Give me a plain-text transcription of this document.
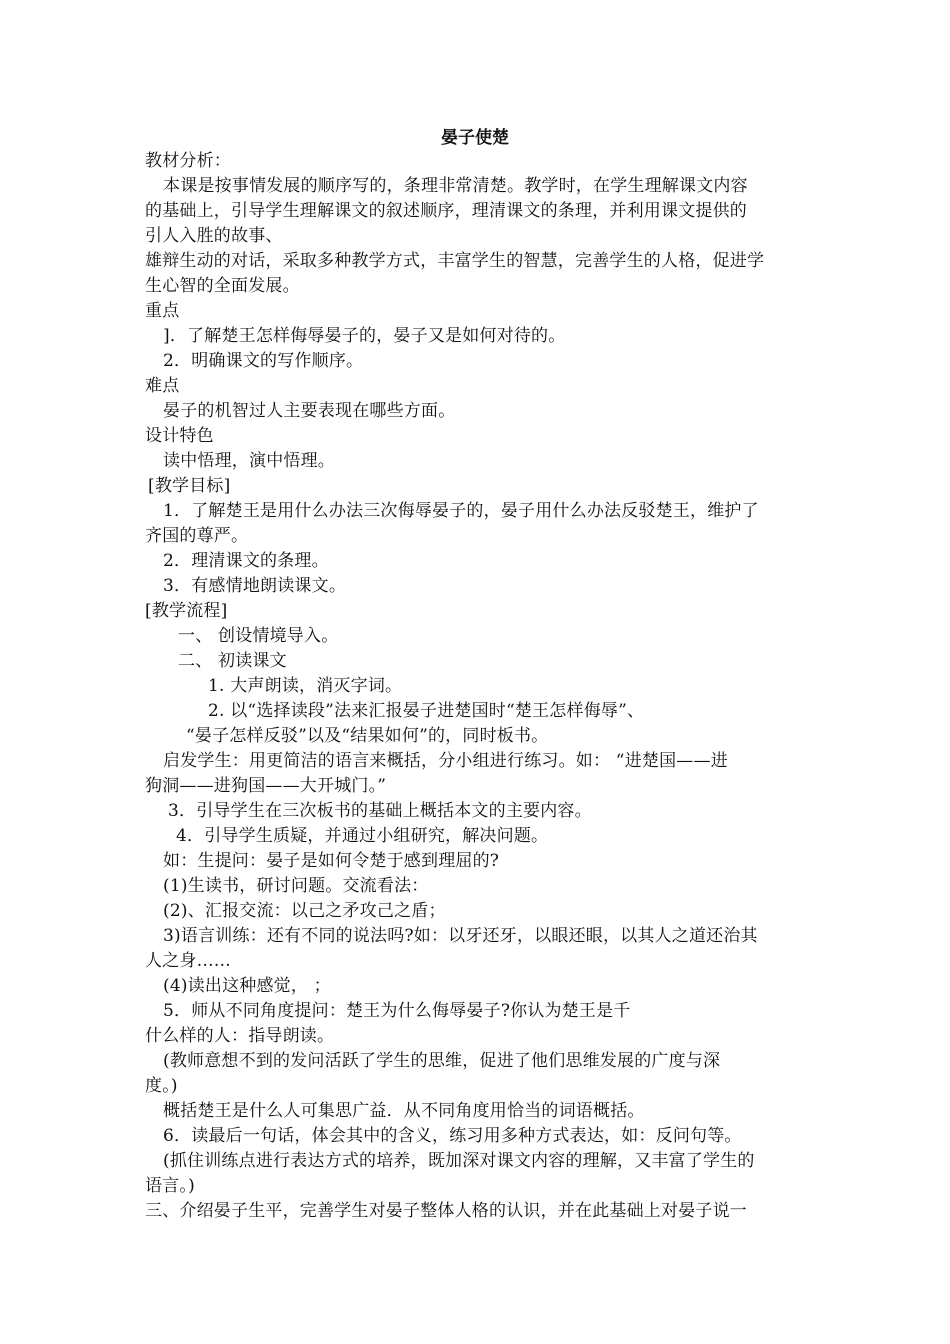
晏子使楚
教材分析：
本课是按事情发展的顺序写的，条理非常清楚。教学时，在学生理解课文内容
的基础上，引导学生理解课文的叙述顺序，理清课文的条理，并利用课文提供的
引人入胜的故事、
雄辩生动的对话，采取多种教学方式，丰富学生的智慧，完善学生的人格，促进学
生心智的全面发展。
重点
]．了解楚王怎样侮辱晏子的，晏子又是如何对待的。
2．明确课文的写作顺序。
难点
晏子的机智过人主要表现在哪些方面。
设计特色
读中悟理，演中悟理。
[教学目标]
1．了解楚王是用什么办法三次侮辱晏子的，晏子用什么办法反驳楚王，维护了
齐国的尊严。
2．理清课文的条理。
3．有感情地朗读课文。
[教学流程]
一、 创设情境导入。
二、 初读课文
1. 大声朗读，消灭字词。
2. 以“选择读段”法来汇报晏子进楚国时“楚王怎样侮辱”、
“晏子怎样反驳”以及“结果如何”的，同时板书。
启发学生：用更简洁的语言来概括，分小组进行练习。如： “进楚国——进
狗洞——进狗国——大开城门。”
3．引导学生在三次板书的基础上概括本文的主要内容。
4．引导学生质疑，并通过小组研究，解决问题。
如：生提问：晏子是如何令楚于感到理屈的?
(1)生读书，研讨问题。交流看法：
(2)、汇报交流：以己之矛攻己之盾；
3)语言训练：还有不同的说法吗?如：以牙还牙，以眼还眼，以其人之道还治其
人之身……
(4)读出这种感觉， ；
5．师从不同角度提问：楚王为什么侮辱晏子?你认为楚王是千
什么样的人：指导朗读。
(教师意想不到的发问活跃了学生的思维，促进了他们思维发展的广度与深
度。)
概括楚王是什么人可集思广益．从不同角度用恰当的词语概括。
6．读最后一句话，体会其中的含义，练习用多种方式表达，如：反问句等。
(抓住训练点进行表达方式的培养，既加深对课文内容的理解，又丰富了学生的
语言。)
三、介绍晏子生平，完善学生对晏子整体人格的认识，并在此基础上对晏子说一
